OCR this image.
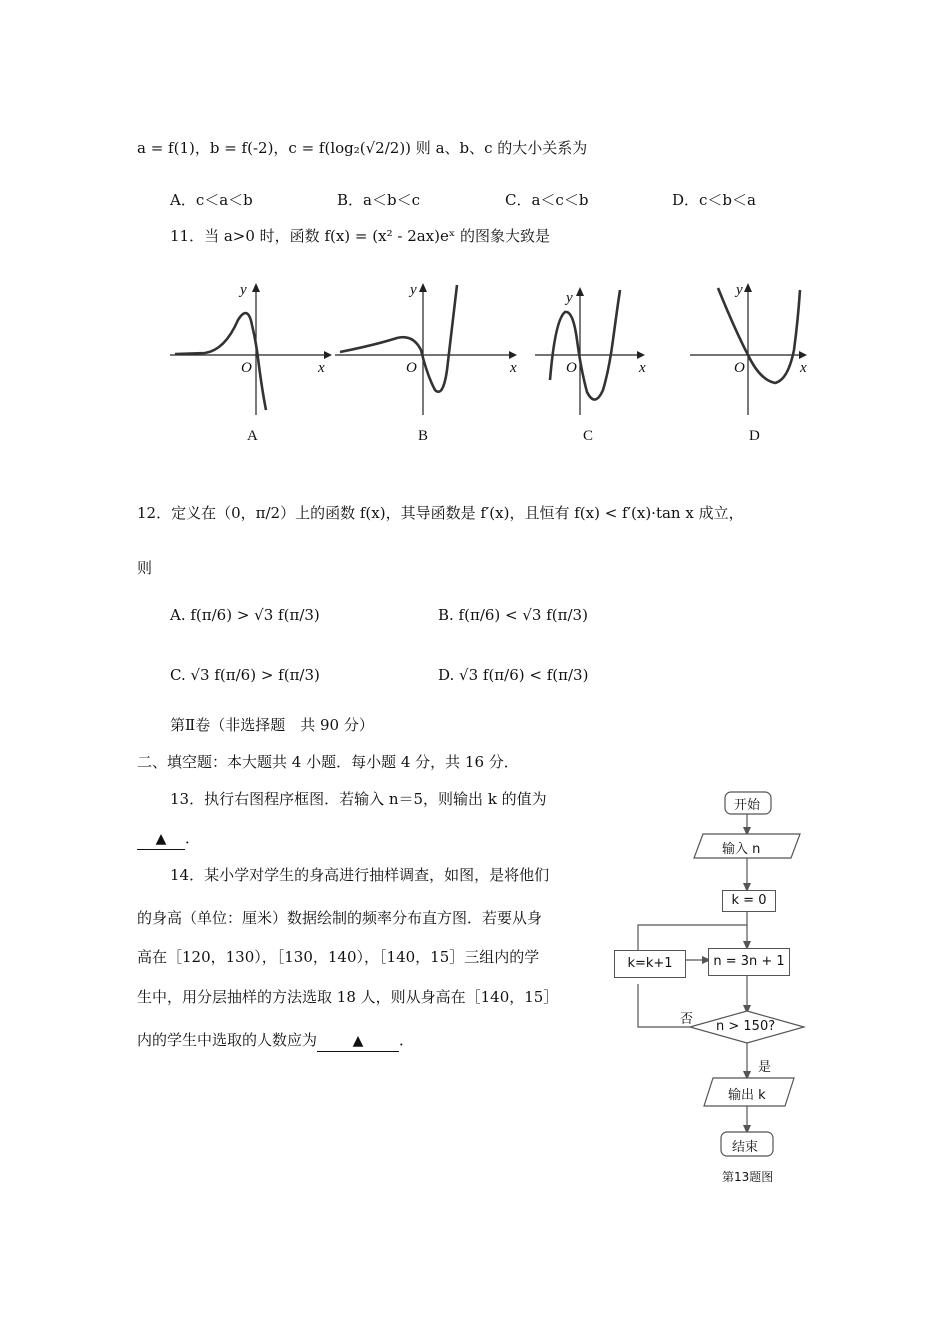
a = f(1)，b = f(-2)，c = f(log₂(√2/2)) 则 a、b、c 的大小关系为
A．c＜a＜b	B．a＜b＜c	C．a＜c＜b	D．c＜b＜a
11．当 a>0 时，函数 f(x) = (x² - 2ax)eˣ 的图象大致是
y
x
O
A
y
x
O
B
y
x
O
C
y
x
O
D
12．定义在（0，π/2）上的函数 f(x)，其导函数是 f′(x)，且恒有 f(x) < f′(x)·tan x 成立，
则
A. f(π/6) > √3 f(π/3)	B. f(π/6) < √3 f(π/3)
C. √3 f(π/6) > f(π/3)	D. √3 f(π/6) < f(π/3)
第Ⅱ卷（非选择题　共 90 分）
二、填空题：本大题共 4 小题．每小题 4 分，共 16 分．
13．执行右图程序框图．若输入 n＝5，则输出 k 的值为
▲ ．
14．某小学对学生的身高进行抽样调查，如图，是将他们
的身高（单位：厘米）数据绘制的频率分布直方图．若要从身
高在［120，130），［130，140），［140，15］三组内的学
生中，用分层抽样的方法选取 18 人，则从身高在［140，15］
内的学生中选取的人数应为	▲ ．
开始
输入 n
k = 0
n = 3n + 1
k=k+1
n > 150?
否
是
输出 k
结束
第13题图
